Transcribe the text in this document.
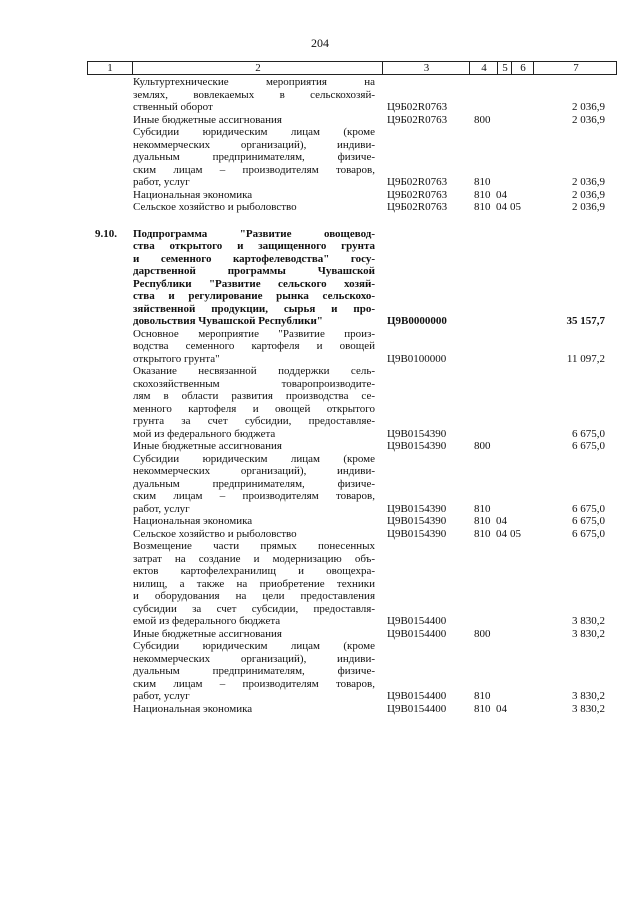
204
1	2	3	4	5	6	7
Культуртехнические мероприятия на
землях, вовлекаемых в сельскохозяй-
ственный оборот	Ц9Б02R0763	2 036,9
Иные бюджетные ассигнования	Ц9Б02R0763	800	2 036,9
Субсидии юридическим лицам (кроме
некоммерческих организаций), индиви-
дуальным предпринимателям, физиче-
ским лицам – производителям товаров,
работ, услуг	Ц9Б02R0763	810	2 036,9
Национальная экономика	Ц9Б02R0763	810 04	2 036,9
Сельское хозяйство и рыболовство	Ц9Б02R0763	810 04 05	2 036,9
9.10.	Подпрограмма "Развитие овощевод-
ства открытого и защищенного грунта
и семенного картофелеводства" госу-
дарственной программы Чувашской
Республики "Развитие сельского хозяй-
ства и регулирование рынка сельскохо-
зяйственной продукции, сырья и про-
довольствия Чувашской Республики"	Ц9В0000000	35 157,7
Основное мероприятие "Развитие произ-
водства семенного картофеля и овощей
открытого грунта"	Ц9В0100000	11 097,2
Оказание несвязанной поддержки сель-
скохозяйственным товаропроизводите-
лям в области развития производства се-
менного картофеля и овощей открытого
грунта за счет субсидии, предоставляе-
мой из федерального бюджета	Ц9В0154390	6 675,0
Иные бюджетные ассигнования	Ц9В0154390	800	6 675,0
Субсидии юридическим лицам (кроме
некоммерческих организаций), индиви-
дуальным предпринимателям, физиче-
ским лицам – производителям товаров,
работ, услуг	Ц9В0154390	810	6 675,0
Национальная экономика	Ц9В0154390	810 04	6 675,0
Сельское хозяйство и рыболовство	Ц9В0154390	810 04 05	6 675,0
Возмещение части прямых понесенных
затрат на создание и модернизацию объ-
ектов картофелехранилищ и овощехра-
нилищ, а также на приобретение техники
и оборудования на цели предоставления
субсидии за счет субсидии, предоставля-
емой из федерального бюджета	Ц9В0154400	3 830,2
Иные бюджетные ассигнования	Ц9В0154400	800	3 830,2
Субсидии юридическим лицам (кроме
некоммерческих организаций), индиви-
дуальным предпринимателям, физиче-
ским лицам – производителям товаров,
работ, услуг	Ц9В0154400	810	3 830,2
Национальная экономика	Ц9В0154400	810 04	3 830,2
